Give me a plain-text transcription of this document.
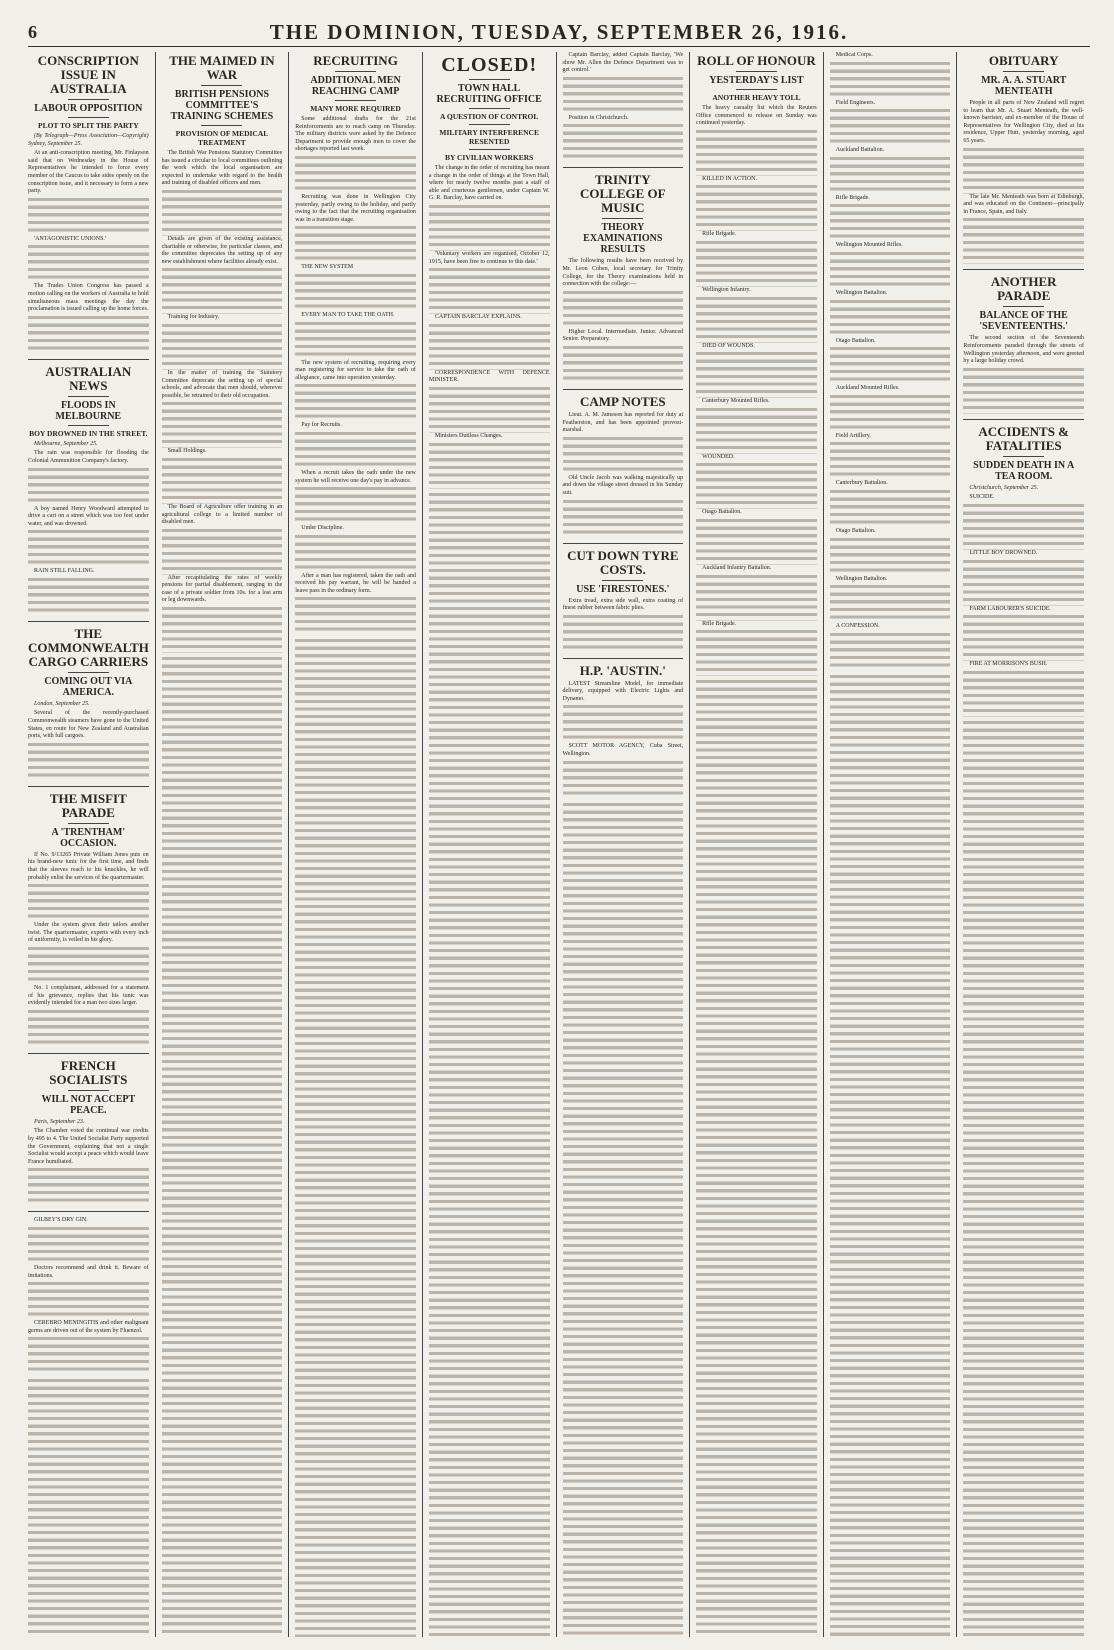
6	THE DOMINION, TUESDAY, SEPTEMBER 26, 1916.
CONSCRIPTION ISSUE IN AUSTRALIA
LABOUR OPPOSITION
PLOT TO SPLIT THE PARTY

(By Telegraph—Press Association—Copyright) Sydney, September 25.

At an anti-conscription meeting, Mr. Finlayson said that on Wednesday in the House of Representatives he intended to force every member of the Caucus to take sides openly on the conscription issue, and it necessary to form a new party.

'ANTAGONISTIC UNIONS.'

The Trades Union Congress has passed a motion calling on the workers of Australia to hold simultaneous mass meetings the day the proclamation is issued calling up the home forces.

AUSTRALIAN NEWS
FLOODS IN MELBOURNE
BOY DROWNED IN THE STREET.

Melbourne, September 25.

The rain was responsible for flooding the Colonial Ammunition Company's factory.

A boy named Henry Woodward attempted to drive a cart on a street which was too feet under water, and was drowned.

RAIN STILL FALLING.

THE COMMONWEALTH CARGO CARRIERS
COMING OUT VIA AMERICA.

London, September 25.

Several of the recently-purchased Commonwealth steamers have gone to the United States, en route for New Zealand and Australian ports, with full cargoes.

THE MISFIT PARADE
A 'TRENTHAM' OCCASION.

If No. 9/13265 Private William Jones puts on his brand-new tunic for the first time, and finds that the sleeves reach to his knuckles, he will probably enlist the services of the quartermaster.

Under the system given their tailors another twist. The quartermaster, experts with every inch of uniformity, is veiled in his glory.

No. 1 complainant, addressed for a statement of his grievance, replies that his tunic was evidently intended for a man two sizes larger.

FRENCH SOCIALISTS
WILL NOT ACCEPT PEACE.

Paris, September 23.

The Chamber voted the continual war credits by 495 to 4. The United Socialist Party supported the Government, explaining that not a single Socialist would accept a peace which would leave France humiliated.

GILBEY'S DRY GIN.

Doctors recommend and drink it. Beware of imitations.

CEREBRO MENINGITIS and other malignant germs are driven out of the system by Fluenzol.

THE MAIMED IN WAR
BRITISH PENSIONS COMMITTEE'S TRAINING SCHEMES
PROVISION OF MEDICAL TREATMENT

The British War Pensions Statutory Committee has issued a circular to local committees outlining the work which the local organisation are expected to undertake with regard to the health and training of disabled officers and men.

Details are given of the existing assistance, charitable or otherwise, for particular classes, and the committee deprecates the setting up of any new establishment where facilities already exist.

Training for Industry.

In the matter of training the Statutory Committee deprecate the setting up of special schools, and advocate that men should, wherever possible, be retrained to their old occupation.

Small Holdings.

The Board of Agriculture offer training in an agricultural college to a limited number of disabled men.

After recapitulating the rates of weekly pensions for partial disablement, ranging in the case of a private soldier from 10s. for a lost arm or leg downwards.

RECRUITING
ADDITIONAL MEN REACHING CAMP
MANY MORE REQUIRED

Some additional drafts for the 21st Reinforcements are to reach camp on Thursday. The military districts were asked by the Defence Department to provide enough men to cover the shortages reported last week.

Recruiting was done in Wellington City yesterday, partly owing to the holiday, and partly owing to the fact that the recruiting organisation was in a transition stage.

THE NEW SYSTEM

EVERY MAN TO TAKE THE OATH.

The new system of recruiting, requiring every man registering for service to take the oath of allegiance, came into operation yesterday.

Pay for Recruits.

When a recruit takes the oath under the new system he will receive one day's pay in advance.

Under Discipline.

After a man has registered, taken the oath and received his pay warrant, he will be handed a leave pass in the ordinary form.

CLOSED!
TOWN HALL RECRUITING OFFICE
A QUESTION OF CONTROL
MILITARY INTERFERENCE RESENTED
BY CIVILIAN WORKERS

The change in the order of recruiting has meant a change in the order of things at the Town Hall, where for nearly twelve months past a staff of able and courteous gentlemen, under Captain W. G. R. Barclay, have carried on.

'Voluntary workers are organised, October 12, 1915, have been free to continue to this date.'

CAPTAIN BARCLAY EXPLAINS.

CORRESPONDENCE WITH DEFENCE MINISTER.

Ministers Dutiless Changes.

Captain Barclay, added Captain Barclay, 'We show Mr. Allen the Defence Department was to get control.'

Position in Christchurch.

TRINITY COLLEGE OF MUSIC
THEORY EXAMINATIONS RESULTS

The following results have been received by Mr. Leon Cohen, local secretary for Trinity College, for the Theory examinations held in connection with the college:—

Higher Local. Intermediate. Junior. Advanced Senior. Preparatory.

CAMP NOTES

Lieut. A. M. Jameson has reported for duty at Featherston, and has been appointed provost-marshal.

Old Uncle Jacob was walking majestically up and down the village street dressed in his Sunday suit.

CUT DOWN TYRE COSTS.
USE 'FIRESTONES.'

Extra tread, extra side wall, extra coating of finest rubber between fabric plies.

H.P. 'AUSTIN.'

LATEST Streamline Model, for immediate delivery, equipped with Electric Lights and Dynamo.

SCOTT MOTOR AGENCY, Cuba Street, Wellington.

ROLL OF HONOUR
YESTERDAY'S LIST
ANOTHER HEAVY TOLL

The heavy casualty list which the Reuters Office commenced to release on Sunday was continued yesterday.

KILLED IN ACTION.

Rifle Brigade.

Wellington Infantry.

DIED OF WOUNDS.

Canterbury Mounted Rifles.

WOUNDED.

Otago Battalion.

Auckland Infantry Battalion.

Rifle Brigade.

Medical Corps.

Field Engineers.

Auckland Battalion.

Rifle Brigade.

Wellington Mounted Rifles.

Wellington Battalion.

Otago Battalion.

Auckland Mounted Rifles.

Field Artillery.

Canterbury Battalion.

Otago Battalion.

Wellington Battalion.

A CONFESSION.

OBITUARY
MR. A. A. STUART MENTEATH

People in all parts of New Zealand will regret to learn that Mr. A. Stuart Menteath, the well-known barrister, and ex-member of the House of Representatives for Wellington City, died at his residence, Upper Hutt, yesterday morning, aged 65 years.

The late Mr. Menteath was born at Edinburgh, and was educated on the Continent—principally in France, Spain, and Italy.

ANOTHER PARADE
BALANCE OF THE 'SEVENTEENTHS.'

The second section of the Seventeenth Reinforcements paraded through the streets of Wellington yesterday afternoon, and were greeted by a large holiday crowd.

ACCIDENTS & FATALITIES
SUDDEN DEATH IN A TEA ROOM.

Christchurch, September 25.

SUICIDE.

LITTLE BOY DROWNED.

FARM LABOURER'S SUICIDE.

FIRE AT MORRISON'S BUSH.
